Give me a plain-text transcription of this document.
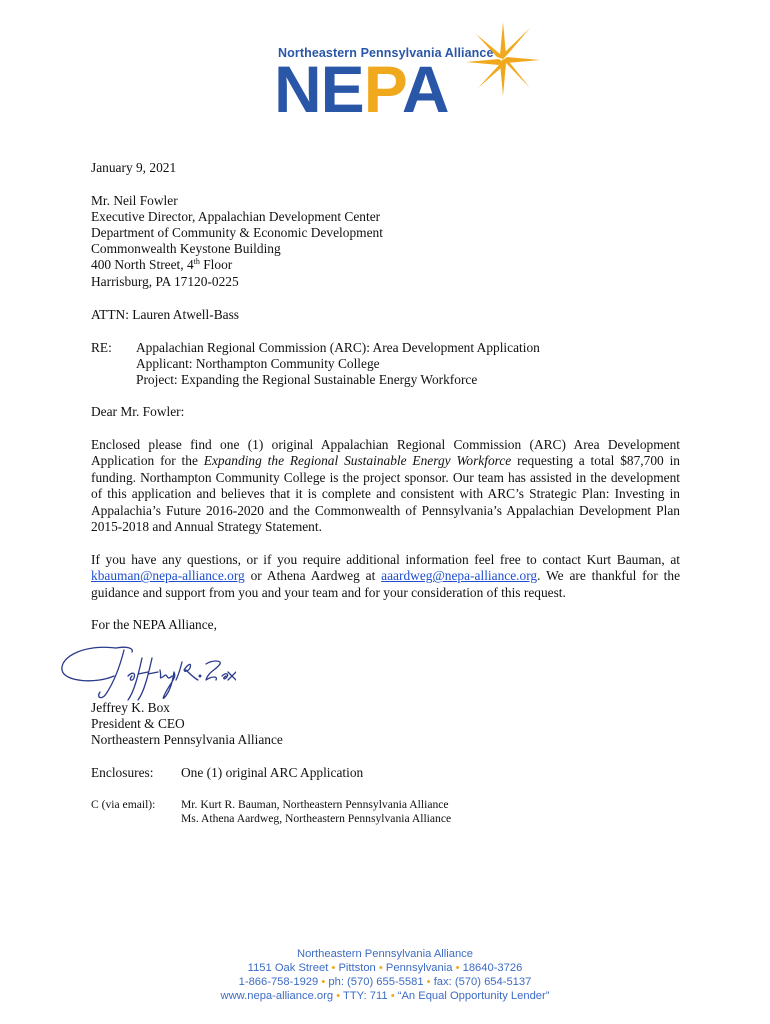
Northeastern Pennsylvania Alliance
NEPA
January 9, 2021
Mr. Neil Fowler
Executive Director, Appalachian Development Center
Department of Community & Economic Development
Commonwealth Keystone Building
400 North Street, 4th Floor
Harrisburg, PA 17120-0225
ATTN: Lauren Atwell-Bass
RE: Appalachian Regional Commission (ARC): Area Development Application
Applicant: Northampton Community College
Project: Expanding the Regional Sustainable Energy Workforce
Dear Mr. Fowler:
Enclosed please find one (1) original Appalachian Regional Commission (ARC) Area Development
Application for the Expanding the Regional Sustainable Energy Workforce requesting a total $87,700 in
funding. Northampton Community College is the project sponsor. Our team has assisted in the development
of this application and believes that it is complete and consistent with ARC’s Strategic Plan: Investing in
Appalachia’s Future 2016-2020 and the Commonwealth of Pennsylvania’s Appalachian Development Plan
2015-2018 and Annual Strategy Statement.
If you have any questions, or if you require additional information feel free to contact Kurt Bauman, at
kbauman@nepa-alliance.org or Athena Aardweg at aaardweg@nepa-alliance.org. We are thankful for the
guidance and support from you and your team and for your consideration of this request.
For the NEPA Alliance,
Jeffrey K. Box
President & CEO
Northeastern Pennsylvania Alliance
Enclosures: One (1) original ARC Application
C (via email): Mr. Kurt R. Bauman, Northeastern Pennsylvania Alliance
Ms. Athena Aardweg, Northeastern Pennsylvania Alliance
Northeastern Pennsylvania Alliance
1151 Oak Street • Pittston • Pennsylvania • 18640-3726
1-866-758-1929 • ph: (570) 655-5581 • fax: (570) 654-5137
www.nepa-alliance.org • TTY: 711 • “An Equal Opportunity Lender”
